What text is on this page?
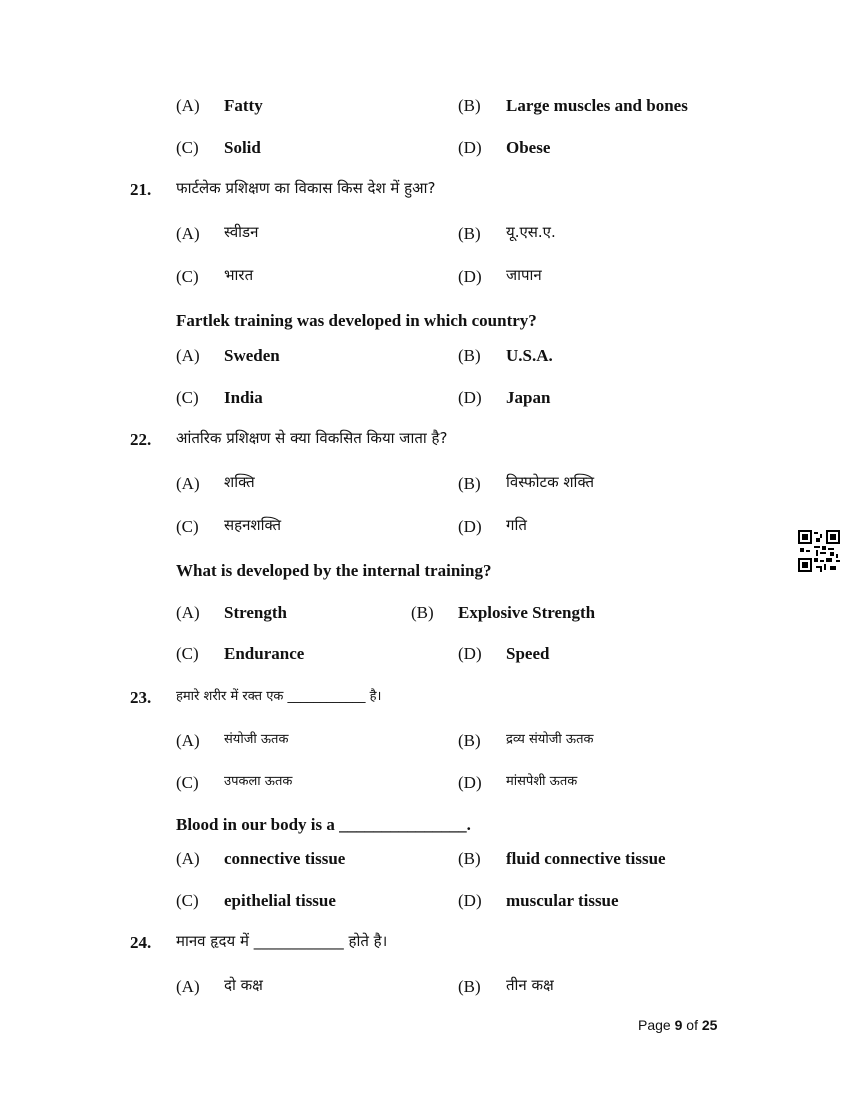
(A) Fatty	(B) Large muscles and bones
(C) Solid	(D) Obese
21. फार्टलेक प्रशिक्षण का विकास किस देश में हुआ?
(A) स्वीडन	(B) यू.एस.ए.
(C) भारत	(D) जापान
Fartlek training was developed in which country?
(A) Sweden	(B) U.S.A.
(C) India	(D) Japan
22. आंतरिक प्रशिक्षण से क्या विकसित किया जाता है?
(A) शक्ति	(B) विस्फोटक शक्ति
(C) सहनशक्ति	(D) गति
What is developed by the internal training?
(A) Strength	(B) Explosive Strength
(C) Endurance	(D) Speed
23. हमारे शरीर में रक्त एक ____________ है।
(A) संयोजी ऊतक	(B) द्रव्य संयोजी ऊतक
(C) उपकला ऊतक	(D) मांसपेशी ऊतक
Blood in our body is a _______________.
(A) connective tissue	(B) fluid connective tissue
(C) epithelial tissue	(D) muscular tissue
24. मानव हृदय में ____________ होते है।
(A) दो कक्ष	(B) तीन कक्ष
Page 9 of 25
